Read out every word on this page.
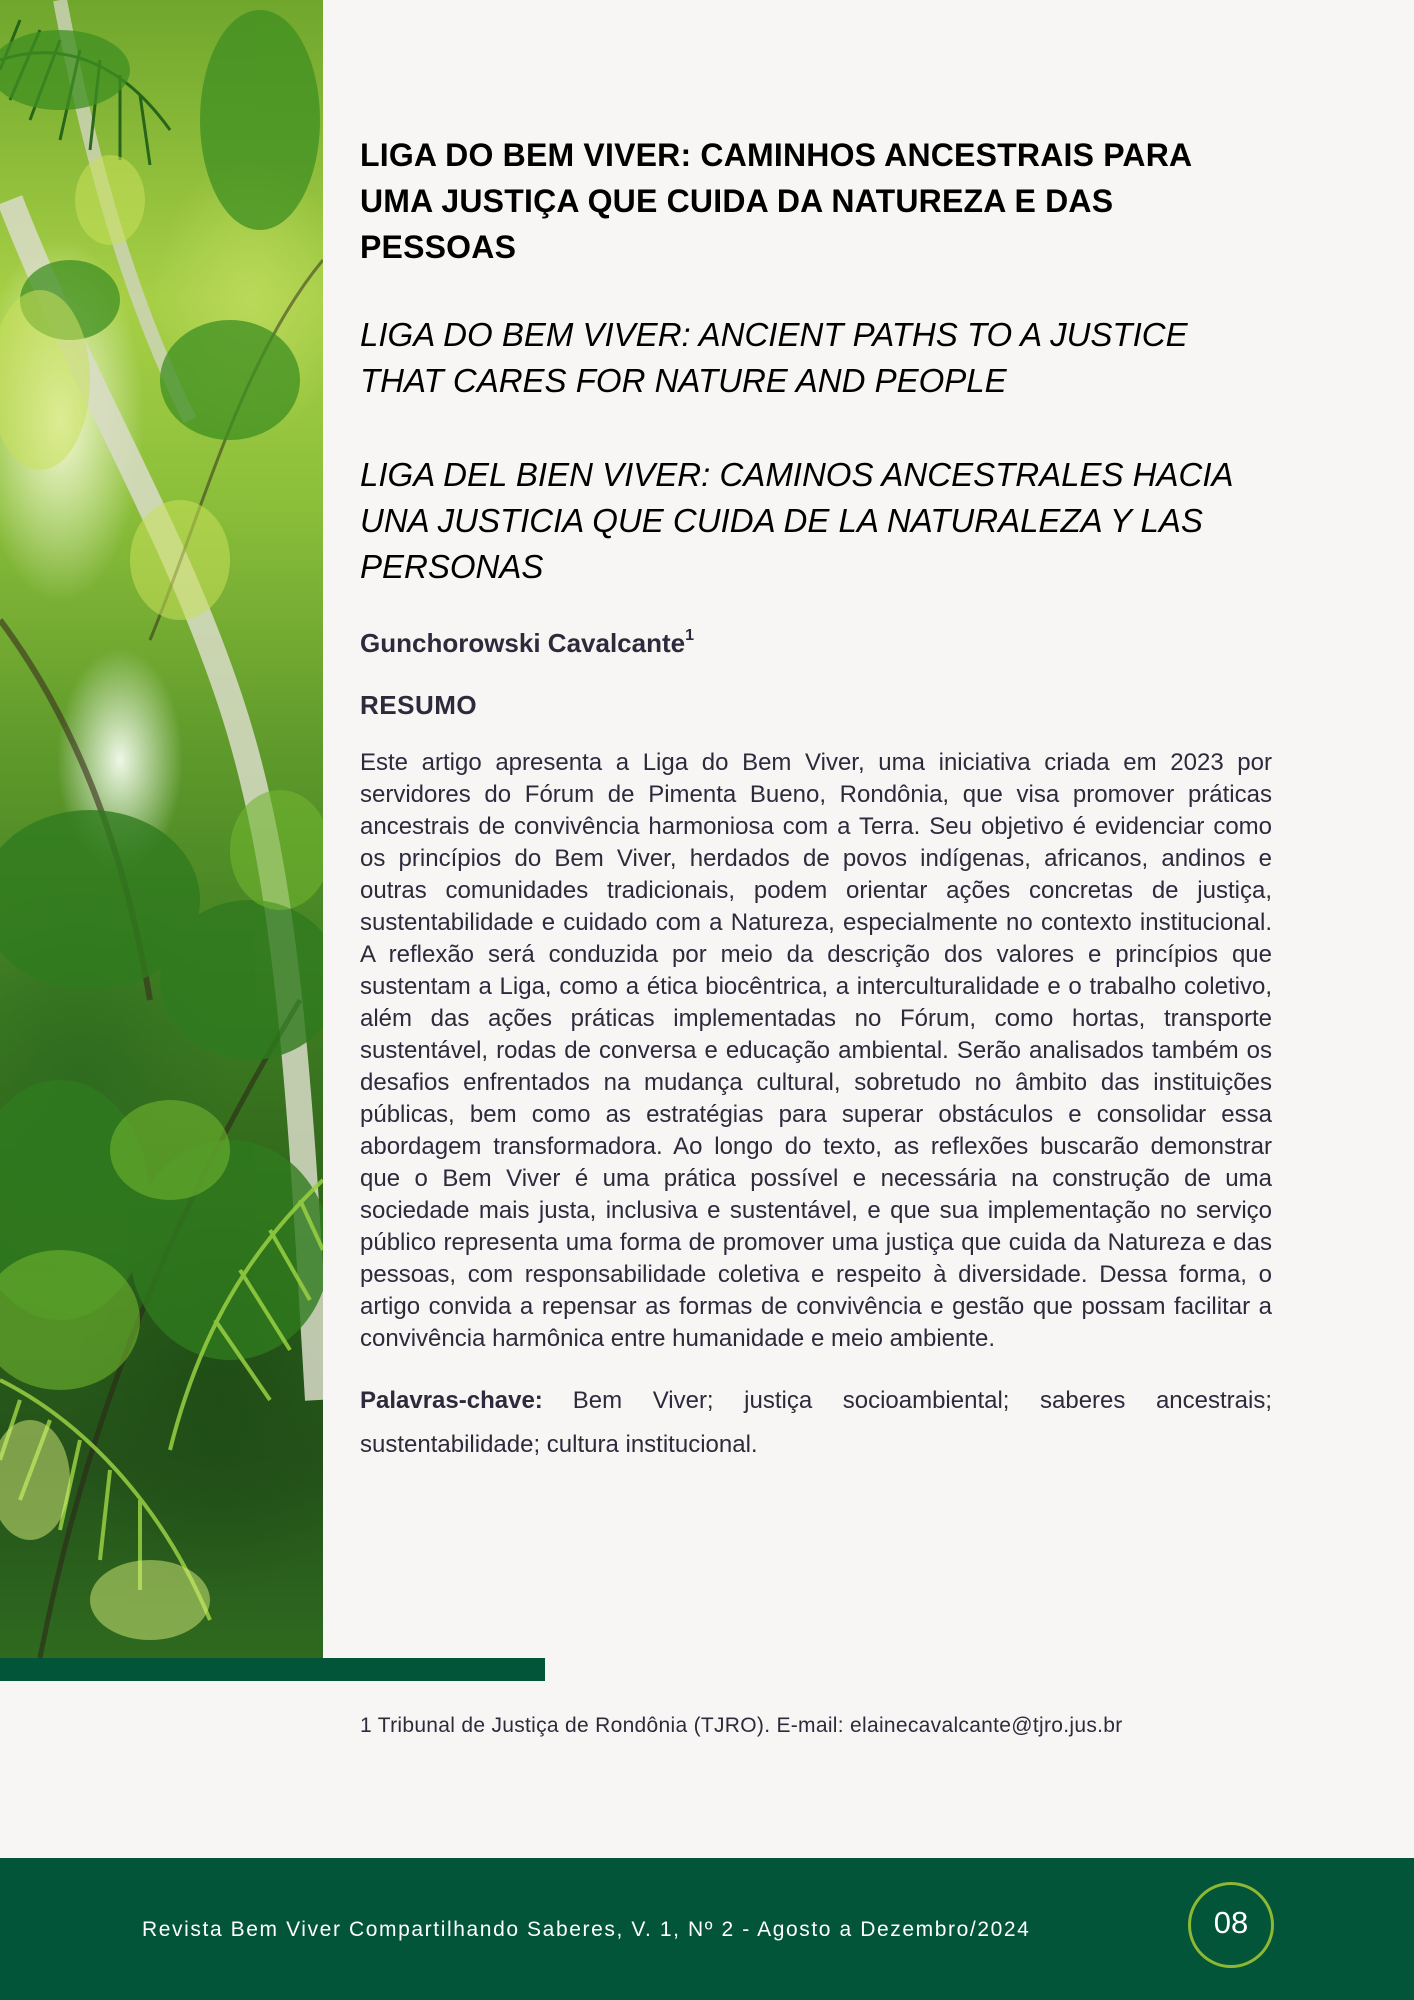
LIGA DO BEM VIVER: CAMINHOS ANCESTRAIS PARA UMA JUSTIÇA QUE CUIDA DA NATUREZA E DAS PESSOAS
LIGA DO BEM VIVER: ANCIENT PATHS TO A JUSTICE THAT CARES FOR NATURE AND PEOPLE
LIGA DEL BIEN VIVER: CAMINOS ANCESTRALES HACIA UNA JUSTICIA QUE CUIDA DE LA NATURALEZA Y LAS PERSONAS
Gunchorowski Cavalcante$^1$
RESUMO

Este artigo apresenta a Liga do Bem Viver, uma iniciativa criada em 2023 por servidores do Fórum de Pimenta Bueno, Rondônia, que visa promover práticas ancestrais de convivência harmoniosa com a Terra. Seu objetivo é evidenciar como os princípios do Bem Viver, herdados de povos indígenas, africanos, andinos e outras comunidades tradicionais, podem orientar ações concretas de justiça, sustentabilidade e cuidado com a Natureza, especialmente no contexto institucional. A reflexão será conduzida por meio da descrição dos valores e princípios que sustentam a Liga, como a ética biocêntrica, a interculturalidade e o trabalho coletivo, além das ações práticas implementadas no Fórum, como hortas, transporte sustentável, rodas de conversa e educação ambiental. Serão analisados também os desafios enfrentados na mudança cultural, sobretudo no âmbito das instituições públicas, bem como as estratégias para superar obstáculos e consolidar essa abordagem transformadora. Ao longo do texto, as reflexões buscarão demonstrar que o Bem Viver é uma prática possível e necessária na construção de uma sociedade mais justa, inclusiva e sustentável, e que sua implementação no serviço público representa uma forma de promover uma justiça que cuida da Natureza e das pessoas, com responsabilidade coletiva e respeito à diversidade. Dessa forma, o artigo convida a repensar as formas de convivência e gestão que possam facilitar a convivência harmônica entre humanidade e meio ambiente.

Palavras-chave: Bem Viver; justiça socioambiental; saberes ancestrais; sustentabilidade; cultura institucional.
1 Tribunal de Justiça de Rondônia (TJRO). E-mail: elainecavalcante@tjro.jus.br
Revista Bem Viver Compartilhando Saberes, V. 1, Nº 2 - Agosto a Dezembro/2024	08
